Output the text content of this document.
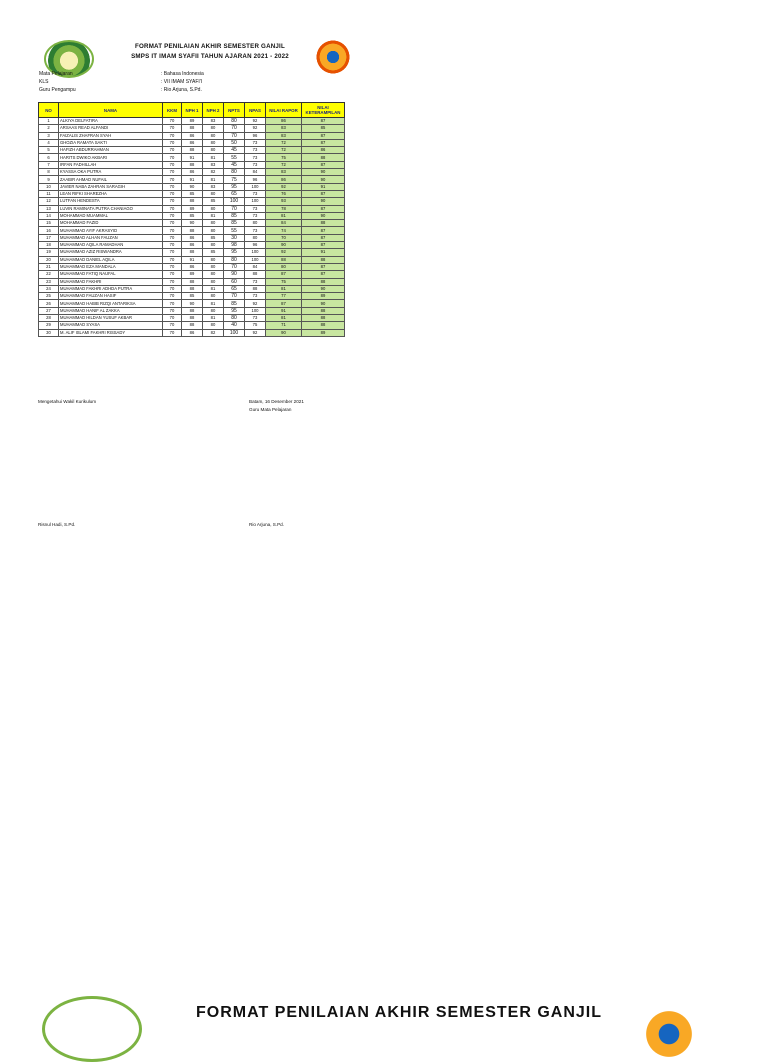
FORMAT PENILAIAN AKHIR SEMESTER GANJIL
SMPS IT IMAM SYAFII TAHUN AJARAN 2021 - 2022
Mata Pelajaran	: Bahasa Indonesia
KLS	: VII IMAM SYAFI'I
Guru Pengampu	: Rio Arjuna, S.Pd.
NO	NAMA	KKM	NPH 1	NPH 2	NPTS	NPAS	NILAI RAPOR	NILAI KETERAMPILAN
1	ALKIYA DELFATIRA	70	89	83	80	92	86	87
2	ARSAAS READ ALFANDI	70	88	80	70	92	83	85
3	FAIZALIS ZHAFRAN SYAH	70	86	80	70	96	83	87
4	GHOZIA RAMATA SAKTI	70	86	80	50	73	72	87
5	HAFIZH ABDURRAHMAN	70	88	80	45	73	72	86
6	HARITS DWIKO AKBARI	70	91	81	55	73	75	88
7	IRFAN FADHILLAH	70	88	83	45	73	72	87
8	KYASSA OKA PUTRA	70	86	82	80	84	83	90
9	ZAABIR AHMAD NUFAIL	70	91	81	75	96	86	90
10	JAVIER NABA ZAHRAN SARAGIH	70	90	83	95	100	92	91
11	LEAN RIFKI SHAREZHA	70	85	80	65	73	76	87
12	LUTFAN HENDESTA	70	88	85	100	100	93	90
13	LUVIN RAMINATA PUTRA CHANIAGO	70	89	80	70	73	78	87
14	MOHAMMAD MUAMMAL	70	85	81	85	73	81	90
15	MOHAMMAD FAZID	70	90	80	85	80	84	88
16	MUHAMMAD AYIF AKRASYID	70	88	80	55	73	74	87
17	MUHAMMAD ALHAN FAUZAN	70	86	85	30	80	70	87
18	MUHAMMAD AQILA RAMADHAN	70	86	80	98	96	90	87
19	MUHAMMAD AZIZ RISWANDRA	70	88	85	95	100	92	91
20	MUHAMMAD DANIEL AQILA	70	91	80	80	100	88	88
21	MUHAMMAD EZA MANDALA	70	86	80	70	84	80	87
22	MUHAMMAD FATIQ NAUFAL	70	89	80	90	88	87	87
23	MUHAMMAD FAKHRI	70	88	80	60	73	75	88
24	MUHAMMAD FAKHRI ADHDA PUTRA	70	88	81	65	88	81	90
25	MUHAMMAD FAUZAN HASIF	70	85	80	70	73	77	89
26	MUHAMMAD HABIB RIZQI ANTARIKSA	70	90	81	85	92	87	90
27	MUHAMMAD HANIF AL ZAKKA	70	88	80	95	100	91	88
28	MUHAMMAD HILDAN YUSUF AKBAR	70	88	81	80	73	81	88
29	MUHAMMAD SYASA	70	88	80	40	75	71	88
30	M. ALIF ISLAMI FAKHRI RISSADY	70	86	82	100	92	90	89
Mengetahui Wakil Kurikulum	Batam, 16 Desember 2021
Guru Mata Pelajaran
Risnul Hadi, S.Pd.	Rio Arjuna, S.Pd.
FORMAT PENILAIAN AKHIR SEMESTER GANJIL
